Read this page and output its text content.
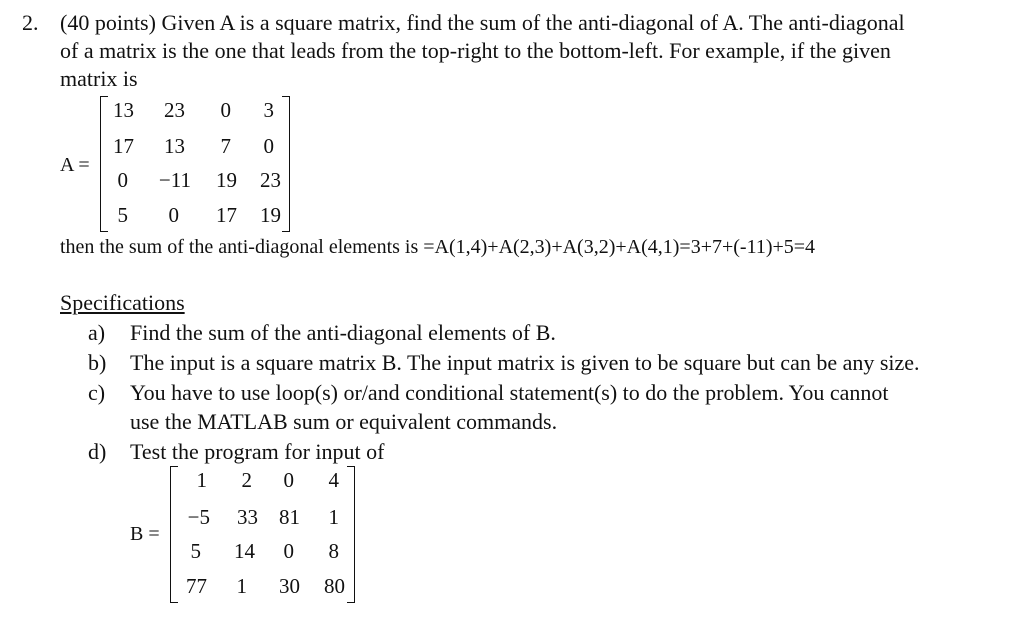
2. (40 points) Given A is a square matrix, find the sum of the anti-diagonal of A. The anti-diagonal
of a matrix is the one that leads from the top-right to the bottom-left. For example, if the given
matrix is
A =
13 23 0 3
17 13 7 0
0 −11 19 23
5 0 17 19
then the sum of the anti-diagonal elements is =A(1,4)+A(2,3)+A(3,2)+A(4,1)=3+7+(-11)+5=4
Specifications
a) Find the sum of the anti-diagonal elements of B.
b) The input is a square matrix B. The input matrix is given to be square but can be any size.
c) You have to use loop(s) or/and conditional statement(s) to do the problem. You cannot
use the MATLAB sum or equivalent commands.
d) Test the program for input of
B =
1 2 0 4
−5 33 81 1
5 14 0 8
77 1 30 80
